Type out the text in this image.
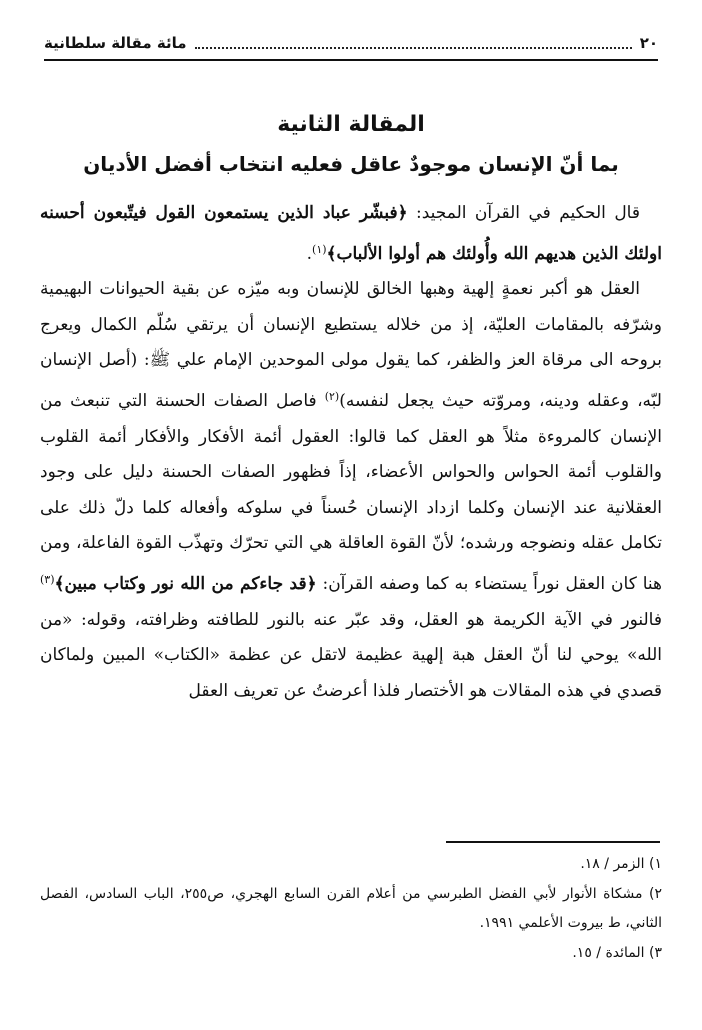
٢٠
مائة مقالة سلطانية
المقالة الثانية
بما أنّ الإنسان موجودٌ عاقل فعليه انتخاب أفضل الأديان

قال الحكيم في القرآن المجيد: ﴿فبشّر عباد الذين يستمعون القول فيتّبعون أحسنه اولئك الذين هديهم الله وأُولئك هم أولوا الألباب﴾$^{(١)}$.

العقل هو أكبر نعمةٍ إلهية وهبها الخالق للإنسان وبه ميّزه عن بقية الحيوانات البهيمية وشرّفه بالمقامات العليّة، إذ من خلاله يستطيع الإنسان أن يرتقي سُلّم الكمال ويعرج بروحه الى مرقاة العز والظفر، كما يقول مولى الموحدين الإمام علي ﷺ: (أصل الإنسان لبّه، وعقله ودينه، ومروّته حيث يجعل لنفسه)$^{(٢)}$ فاصل الصفات الحسنة التي تنبعث من الإنسان كالمروءة مثلاً هو العقل كما قالوا: العقول أئمة الأفكار والأفكار أئمة القلوب والقلوب أئمة الحواس والحواس الأعضاء، إذاً فظهور الصفات الحسنة دليل على وجود العقلانية عند الإنسان وكلما ازداد الإنسان حُسناً في سلوكه وأفعاله كلما دلّ ذلك على تكامل عقله ونضوجه ورشده؛ لأنّ القوة العاقلة هي التي تحرّك وتهذّب القوة الفاعلة، ومن هنا كان العقل نوراً يستضاء به كما وصفه القرآن: ﴿قد جاءكم من الله نور وكتاب مبين﴾$^{(٣)}$ فالنور في الآية الكريمة هو العقل، وقد عبّر عنه بالنور للطافته وظرافته، وقوله: «من الله» يوحي لنا أنّ العقل هبة إلهية عظيمة لاتقل عن عظمة «الكتاب» المبين ولماكان قصدي في هذه المقالات هو الأختصار فلذا أعرضتُ عن تعريف العقل

١) الزمر / ١٨.

٢) مشكاة الأنوار لأبي الفضل الطبرسي من أعلام القرن السابع الهجري، ص٢٥٥، الباب السادس، الفصل الثاني، ط بيروت الأعلمي ١٩٩١.

٣) المائدة / ١٥.
